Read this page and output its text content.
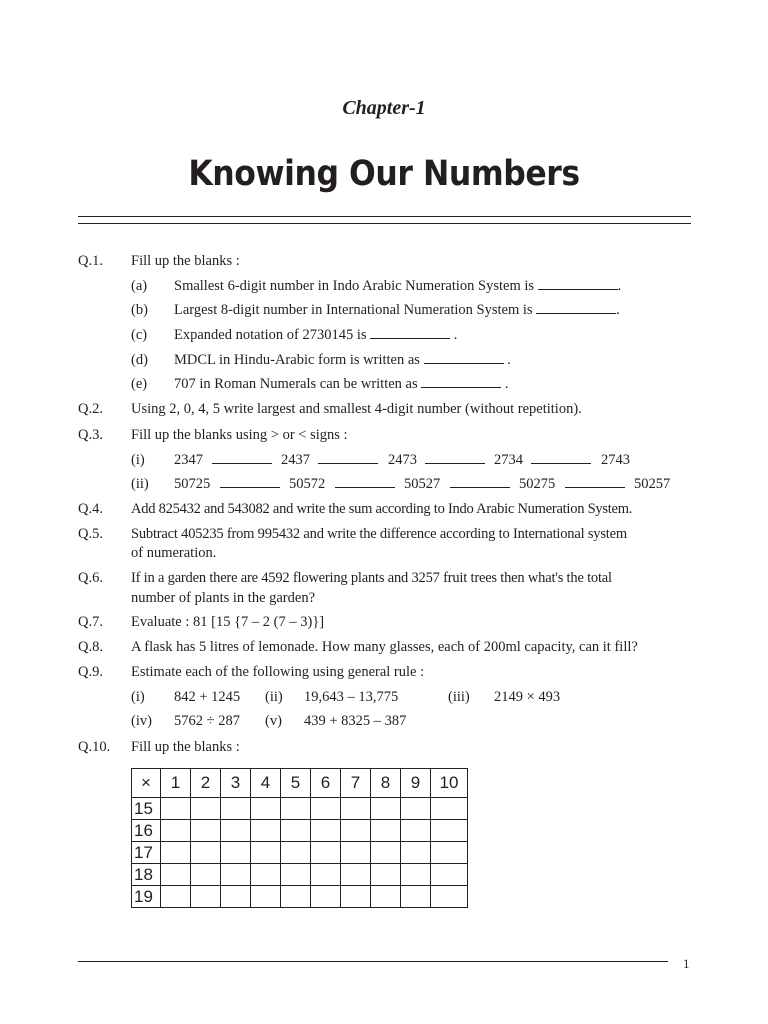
Chapter-1
Knowing Our Numbers
Q.1. Fill up the blanks :
(a) Smallest 6-digit number in Indo Arabic Numeration System is	.
(b) Largest 8-digit number in International Numeration System is	.
(c) Expanded notation of 2730145 is	.
(d) MDCL in Hindu-Arabic form is written as	.
(e) 707 in Roman Numerals can be written as	.
Q.2. Using 2, 0, 4, 5 write largest and smallest 4-digit number (without repetition).
Q.3. Fill up the blanks using > or < signs :
(i) 2347	2437	2473	2734	2743
(ii) 50725	50572	50527	50275	50257
Q.4. Add 825432 and 543082 and write the sum according to Indo Arabic Numeration System.
Q.5. Subtract 405235 from 995432 and write the difference according to International system
of numeration.
Q.6. If in a garden there are 4592 flowering plants and 3257 fruit trees then what's the total
number of plants in the garden?
Q.7. Evaluate : 81 [15 {7 – 2 (7 – 3)}]
Q.8. A flask has 5 litres of lemonade. How many glasses, each of 200ml capacity, can it fill?
Q.9. Estimate each of the following using general rule :
(i) 842 + 1245 (ii) 19,643 – 13,775	(iii) 2149 × 493
(iv) 5762 ÷ 287 (v) 439 + 8325 – 387
Q.10. Fill up the blanks :
×	1	2	3	4	5	6	7	8	9	10
15										
16										
17										
18										
19										
1
